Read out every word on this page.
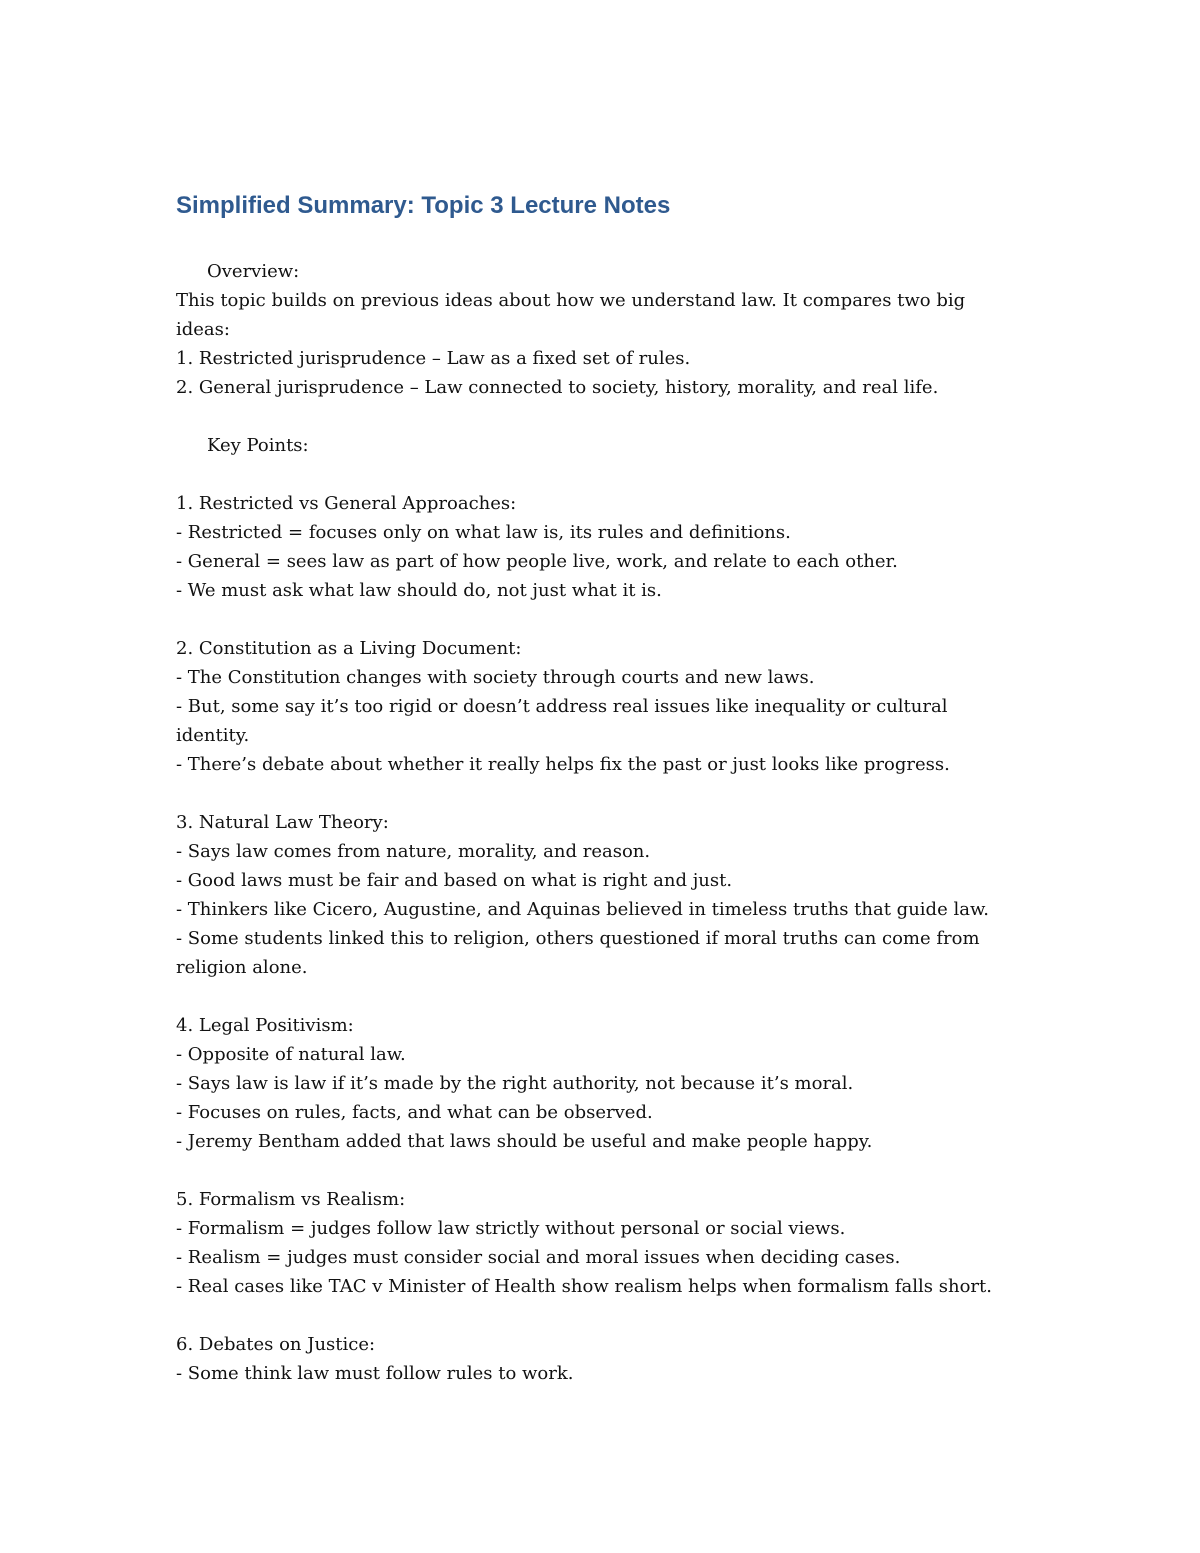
Simplified Summary: Topic 3 Lecture Notes
Overview:
This topic builds on previous ideas about how we understand law. It compares two big
ideas:
1. Restricted jurisprudence – Law as a fixed set of rules.
2. General jurisprudence – Law connected to society, history, morality, and real life.
Key Points:
1. Restricted vs General Approaches:
- Restricted = focuses only on what law is, its rules and definitions.
- General = sees law as part of how people live, work, and relate to each other.
- We must ask what law should do, not just what it is.
2. Constitution as a Living Document:
- The Constitution changes with society through courts and new laws.
- But, some say it’s too rigid or doesn’t address real issues like inequality or cultural
identity.
- There’s debate about whether it really helps fix the past or just looks like progress.
3. Natural Law Theory:
- Says law comes from nature, morality, and reason.
- Good laws must be fair and based on what is right and just.
- Thinkers like Cicero, Augustine, and Aquinas believed in timeless truths that guide law.
- Some students linked this to religion, others questioned if moral truths can come from
religion alone.
4. Legal Positivism:
- Opposite of natural law.
- Says law is law if it’s made by the right authority, not because it’s moral.
- Focuses on rules, facts, and what can be observed.
- Jeremy Bentham added that laws should be useful and make people happy.
5. Formalism vs Realism:
- Formalism = judges follow law strictly without personal or social views.
- Realism = judges must consider social and moral issues when deciding cases.
- Real cases like TAC v Minister of Health show realism helps when formalism falls short.
6. Debates on Justice:
- Some think law must follow rules to work.
